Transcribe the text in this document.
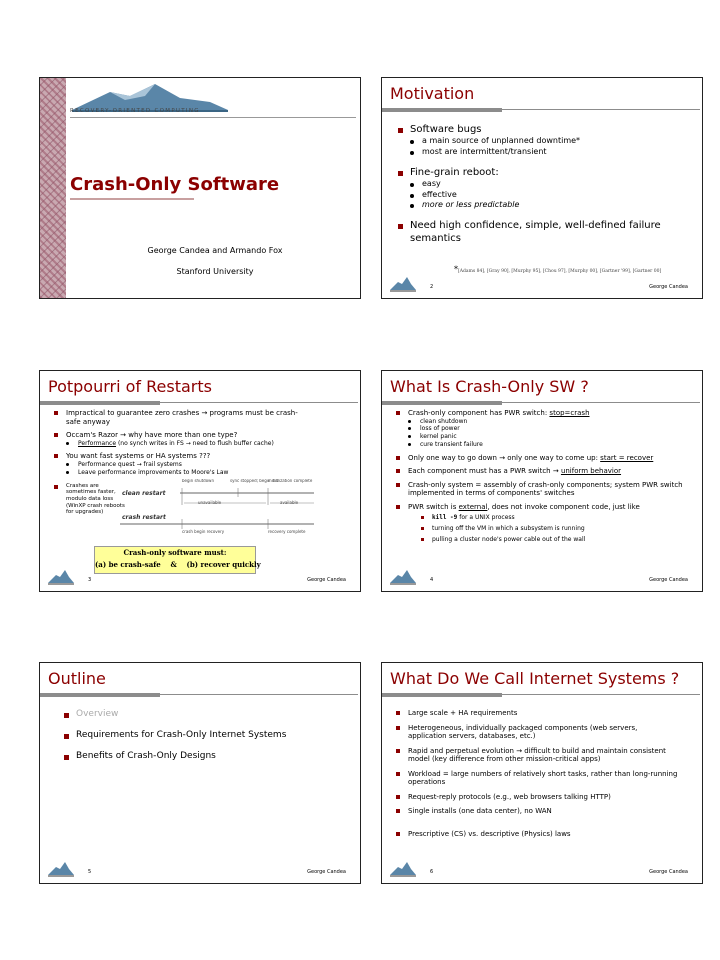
RECOVERY-ORIENTED COMPUTING
Crash-Only Software
George Candea and Armando Fox
Stanford University
Motivation
Software bugs
a main source of unplanned downtime*
most are intermittent/transient
Fine-grain reboot:
easy
effective
more or less predictable
Need high confidence, simple, well-defined failure semantics
*[Adams 84], [Gray 90], [Murphy 95], [Chou 97], [Murphy 00], [Gartner '99], [Gartner 00]
2	George Candea
Potpourri of Restarts
Impractical to guarantee zero crashes → programs must be crash-safe anyway
Occam's Razor → why have more than one type?
Performance (no synch writes in FS → need to flush buffer cache)
You want fast systems or HA systems ???
Performance quest → frail systems
Leave performance improvements to Moore's Law
Crashes are sometimes faster, modulo data loss (WinXP crash reboots for upgrades)
begin shutdown	sync stopped; begin init
initialization complete
clean restart
unavailable	available
crash restart
crash begin recovery	recovery complete
Crash-only software must:
(a) be crash-safe    &    (b) recover quickly
3	George Candea
What Is Crash-Only SW ?
Crash-only component has PWR switch: stop=crash
clean shutdown
loss of power
kernel panic
cure transient failure
Only one way to go down → only one way to come up: start = recover
Each component must has a PWR switch → uniform behavior
Crash-only system = assembly of crash-only components; system PWR switch implemented in terms of components' switches
PWR switch is external, does not invoke component code, just like
kill -9 for a UNIX process
turning off the VM in which a subsystem is running
pulling a cluster node's power cable out of the wall
4	George Candea
Outline
Overview
Requirements for Crash-Only Internet Systems
Benefits of Crash-Only Designs
5	George Candea
What Do We Call Internet Systems ?
Large scale + HA requirements
Heterogeneous, individually packaged components (web servers, application servers, databases, etc.)
Rapid and perpetual evolution → difficult to build and maintain consistent model (key difference from other mission-critical apps)
Workload = large numbers of relatively short tasks, rather than long-running operations
Request-reply protocols (e.g., web browsers talking HTTP)
Single installs (one data center), no WAN
Prescriptive (CS) vs. descriptive (Physics) laws
6	George Candea
